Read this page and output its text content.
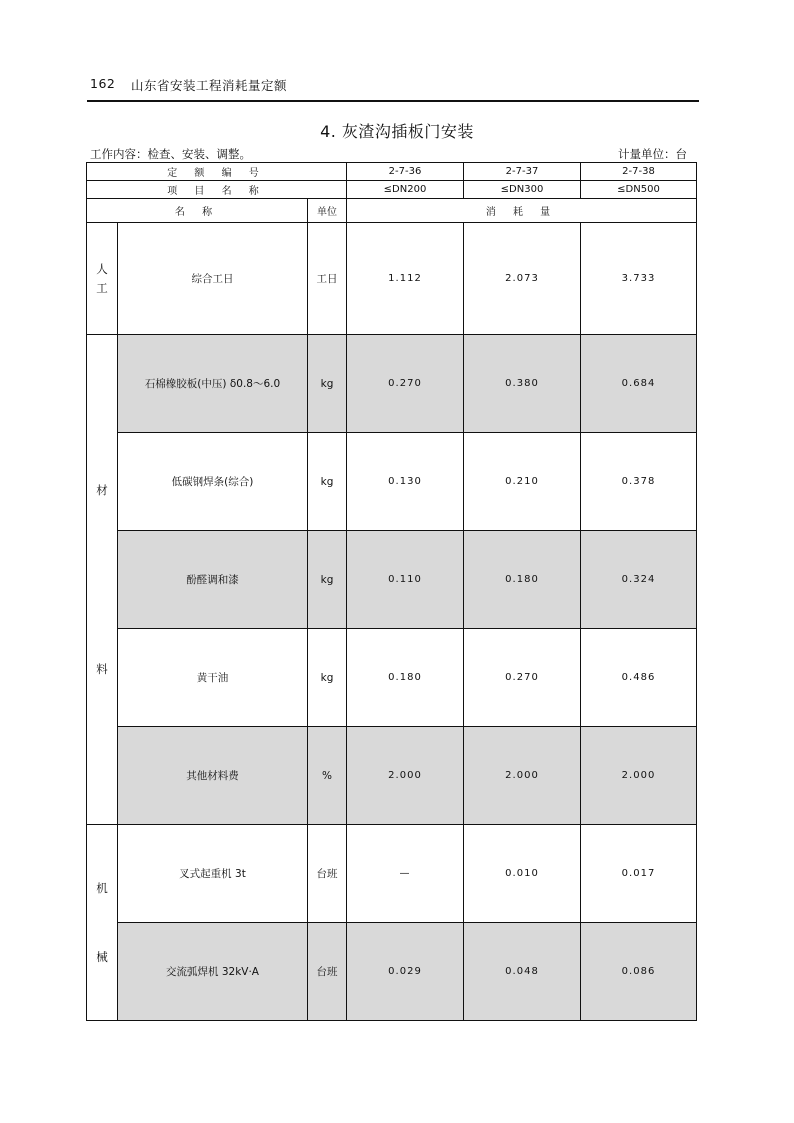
162 山东省安装工程消耗量定额
4. 灰渣沟插板门安装
工作内容：检查、安装、调整。	计量单位：台
定 额 编 号			2-7-36	2-7-37	2-7-38
项 目 名 称			≤DN200	≤DN300	≤DN500
名 称		单位	消 耗 量		

人
工	综合工日	工日	1.112	2.073	3.733

材
料	石棉橡胶板(中压) δ0.8～6.0	kg	0.270	0.380	0.684
	低碳钢焊条(综合)	kg	0.130	0.210	0.378
	酚醛调和漆	kg	0.110	0.180	0.324
	黄干油	kg	0.180	0.270	0.486
	其他材料费	%	2.000	2.000	2.000

机
械	叉式起重机 3t	台班	—	0.010	0.017
	交流弧焊机 32kV·A	台班	0.029	0.048	0.086
